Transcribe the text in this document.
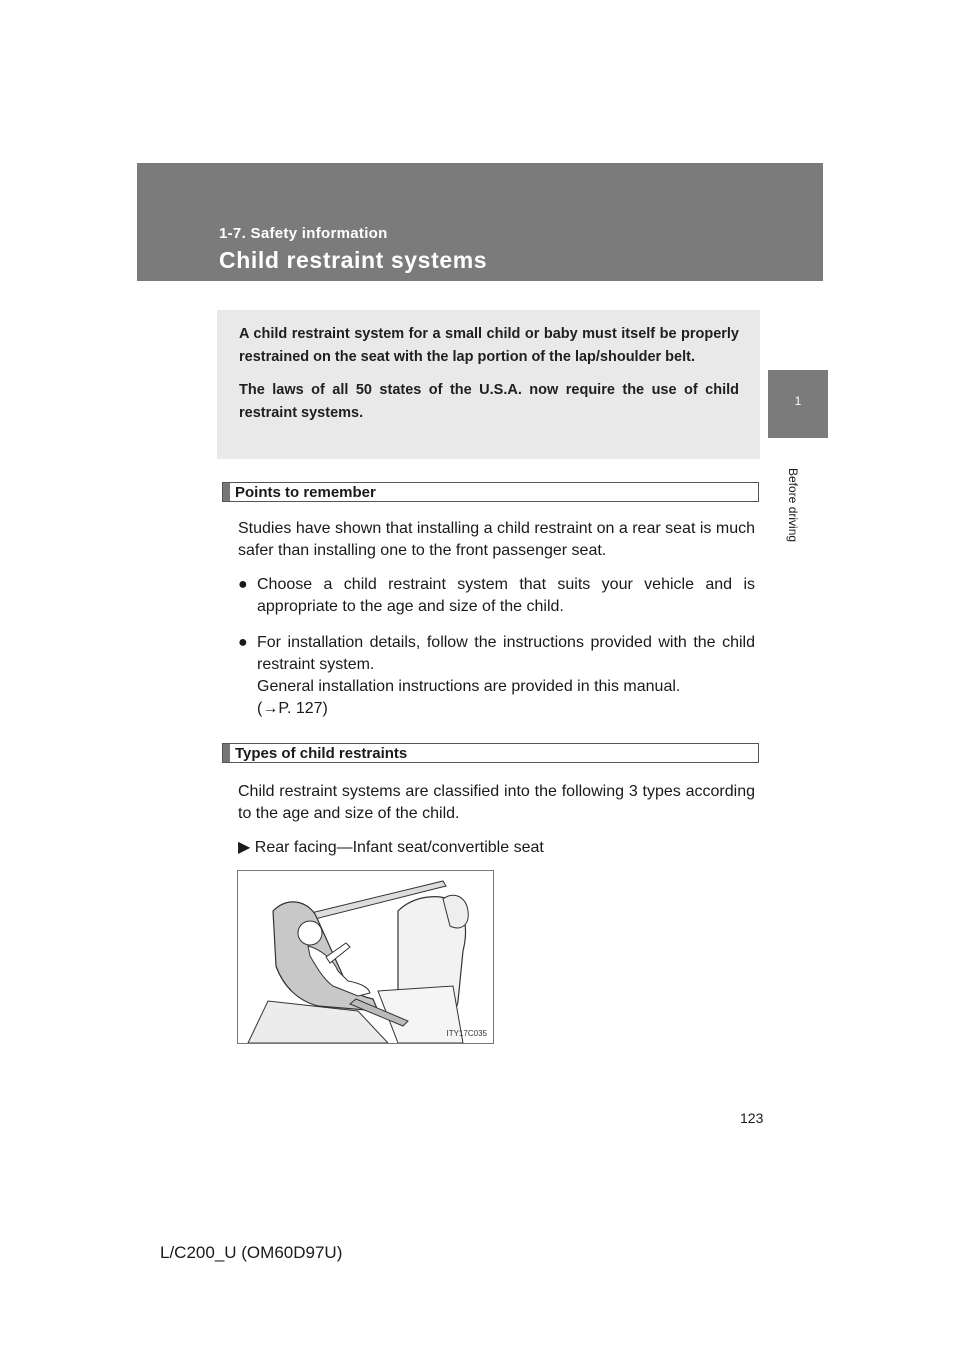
1-7. Safety information
Child restraint systems
1
Before driving

A child restraint system for a small child or baby must itself be properly restrained on the seat with the lap portion of the lap/shoulder belt.

The laws of all 50 states of the U.S.A. now require the use of child restraint systems.

Points to remember
Studies have shown that installing a child restraint on a rear seat is much safer than installing one to the front passenger seat.
● Choose a child restraint system that suits your vehicle and is appropriate to the age and size of the child.
● For installation details, follow the instructions provided with the child restraint system.
General installation instructions are provided in this manual.
(→P. 127)
Types of child restraints
Child restraint systems are classified into the following 3 types according to the age and size of the child.
▶ Rear facing—Infant seat/convertible seat
ITY17C035
123
L/C200_U (OM60D97U)
